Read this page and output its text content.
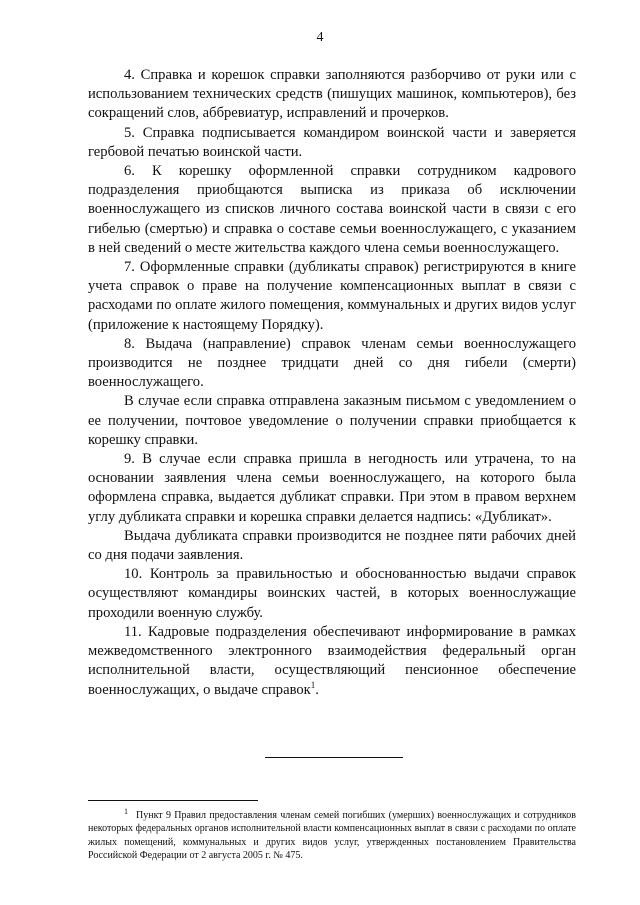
4

4. Справка и корешок справки заполняются разборчиво от руки или с использованием технических средств (пишущих машинок, компьютеров), без сокращений слов, аббревиатур, исправлений и прочерков.

5. Справка подписывается командиром воинской части и заверяется гербовой печатью воинской части.

6. К корешку оформленной справки сотрудником кадрового подразделения приобщаются выписка из приказа об исключении военнослужащего из списков личного состава воинской части в связи с его гибелью (смертью) и справка о составе семьи военнослужащего, с указанием в ней сведений о месте жительства каждого члена семьи военнослужащего.

7. Оформленные справки (дубликаты справок) регистрируются в книге учета справок о праве на получение компенсационных выплат в связи с расходами по оплате жилого помещения, коммунальных и других видов услуг (приложение к настоящему Порядку).

8. Выдача (направление) справок членам семьи военнослужащего производится не позднее тридцати дней со дня гибели (смерти) военнослужащего.

В случае если справка отправлена заказным письмом с уведомлением о ее получении, почтовое уведомление о получении справки приобщается к корешку справки.

9. В случае если справка пришла в негодность или утрачена, то на основании заявления члена семьи военнослужащего, на которого была оформлена справка, выдается дубликат справки. При этом в правом верхнем углу дубликата справки и корешка справки делается надпись: «Дубликат».

Выдача дубликата справки производится не позднее пяти рабочих дней со дня подачи заявления.

10. Контроль за правильностью и обоснованностью выдачи справок осуществляют командиры воинских частей, в которых военнослужащие проходили военную службу.

11. Кадровые подразделения обеспечивают информирование в рамках межведомственного электронного взаимодействия федеральный орган исполнительной власти, осуществляющий пенсионное обеспечение военнослужащих, о выдаче справок$^1$.

$^1$ Пункт 9 Правил предоставления членам семей погибших (умерших) военнослужащих и сотрудников некоторых федеральных органов исполнительной власти компенсационных выплат в связи с расходами по оплате жилых помещений, коммунальных и других видов услуг, утвержденных постановлением Правительства Российской Федерации от 2 августа 2005 г. № 475.
